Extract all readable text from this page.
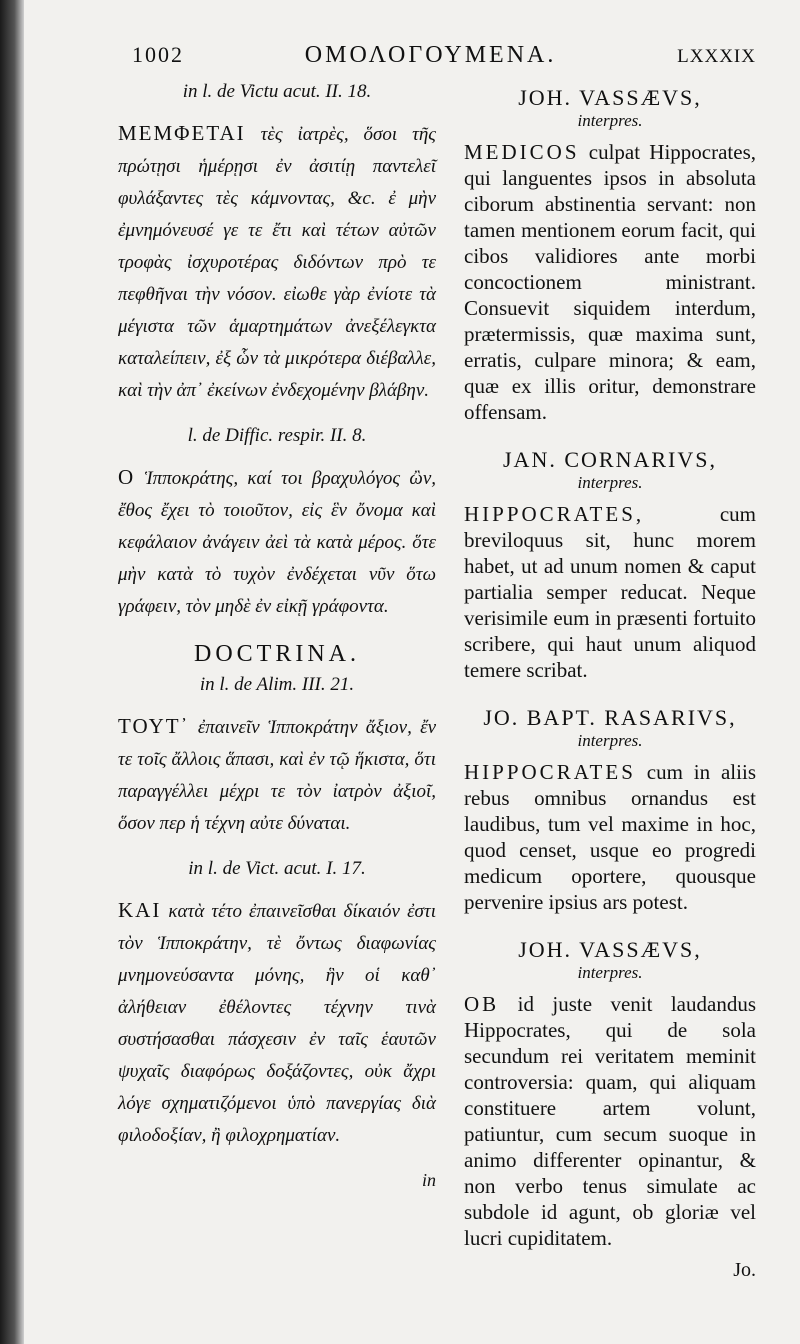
1002	ΟΜΟΛΟΓΟΥΜΕΝΑ.	LXXXIX
in l. de Victu acut. II. 18.

ΜΕΜΦΕΤΑΙ τὲς ἰατρὲς, ὅσοι τῆς πρώτῃσι ἡμέρῃσι ἐν ἀσιτίῃ παντελεῖ φυλάξαντες τὲς κάμνοντας, &c. ἐ μὴν ἐμνημόνευσέ γε τε ἔτι καὶ τέτων αὐτῶν τροφὰς ἰσχυροτέρας διδόντων πρὸ τε πεφθῆναι τὴν νόσον. εἰωθε γὰρ ἐνίοτε τὰ μέγιστα τῶν ἁμαρτημάτων ἀνεξέλεγκτα καταλείπειν, ἐξ ὧν τὰ μικρότερα διέβαλλε, καὶ τὴν ἀπ᾿ ἐκείνων ἐνδεχομένην βλάβην.

l. de Diffic. respir. II. 8.

Ο Ἱπποκράτης, καί τοι βραχυλόγος ὢν, ἔθος ἔχει τὸ τοιοῦτον, εἰς ἓν ὄνομα καὶ κεφάλαιον ἀνάγειν ἀεὶ τὰ κατὰ μέρος. ὅτε μὴν κατὰ τὸ τυχὸν ἐνδέχεται νῦν ὅτω γράφειν, τὸν μηδὲ ἐν εἰκῇ γράφοντα.

DOCTRINA.
in l. de Alim. III. 21.

ΤΟΥΤ᾿ ἐπαινεῖν Ἱπποκράτην ἄξιον, ἔν τε τοῖς ἄλλοις ἅπασι, καὶ ἐν τῷ ἥκιστα, ὅτι παραγγέλλει μέχρι τε τὸν ἰατρὸν ἀξιοῖ, ὅσον περ ἡ τέχνη αὐτε δύναται.

in l. de Vict. acut. I. 17.

ΚΑΙ κατὰ τέτο ἐπαινεῖσθαι δίκαιόν ἐστι τὸν Ἱπποκράτην, τὲ ὄντως διαφωνίας μνημονεύσαντα μόνης, ἣν οἱ καθ᾿ ἀλήθειαν ἐθέλοντες τέχνην τινὰ συστήσασθαι πάσχεσιν ἐν ταῖς ἑαυτῶν ψυχαῖς διαφόρως δοξάζοντες, οὐκ ἄχρι λόγε σχηματιζόμενοι ὑπὸ πανεργίας διὰ φιλοδοξίαν, ἢ φιλοχρηματίαν.

in
JOH. VASSÆVS,
interpres.

MEDICOS culpat Hippocrates, qui languentes ipsos in absoluta ciborum abstinentia servant: non tamen mentionem eorum facit, qui cibos validiores ante morbi concoctionem ministrant. Consuevit siquidem interdum, prætermissis, quæ maxima sunt, erratis, culpare minora; & eam, quæ ex illis oritur, demonstrare offensam.

JAN. CORNARIVS,
interpres.

HIPPOCRATES,	cum breviloquus sit, hunc morem habet, ut ad unum nomen & caput partialia semper reducat. Neque verisimile eum in præsenti fortuito scribere, qui haut unum aliquod temere scribat.

JO. BAPT. RASARIVS,
interpres.

HIPPOCRATES cum in aliis rebus omnibus ornandus est laudibus, tum vel maxime in hoc, quod censet, usque eo progredi medicum oportere, quousque pervenire ipsius ars potest.

JOH. VASSÆVS,
interpres.

OB id juste venit laudandus Hippocrates, qui de sola secundum rei veritatem meminit controversia: quam, qui aliquam constituere artem volunt, patiuntur, cum secum suoque in animo differenter opinantur, & non verbo tenus simulate ac subdole id agunt, ob gloriæ vel lucri cupiditatem.

Jo.
